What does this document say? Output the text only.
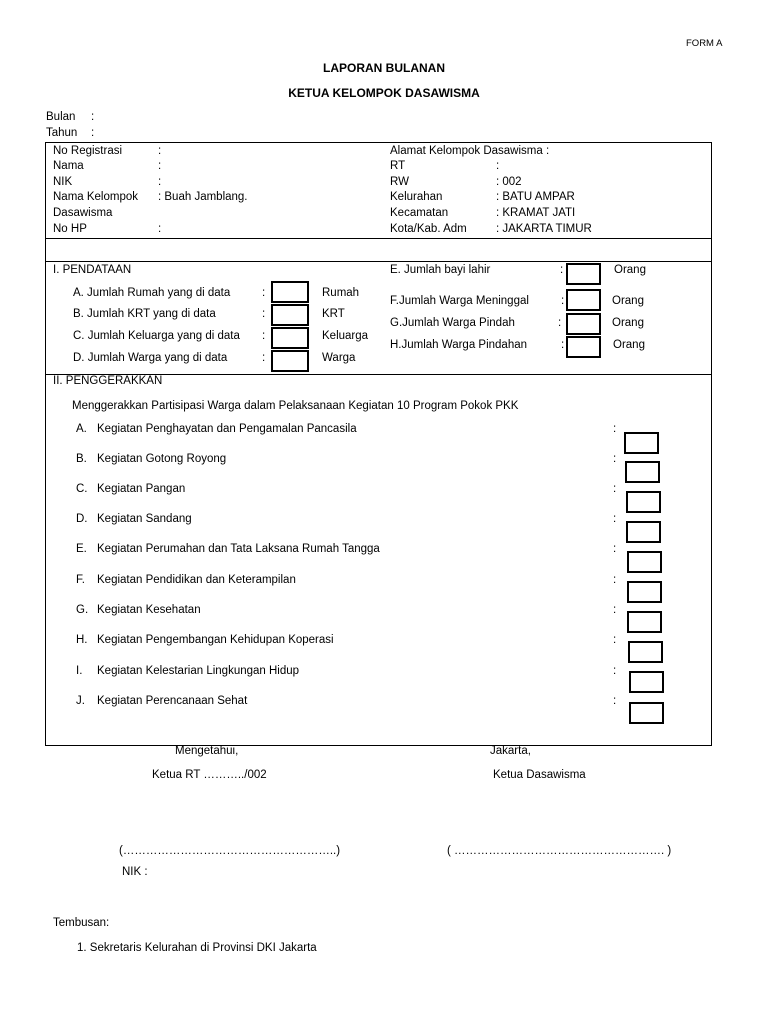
FORM A
LAPORAN BULANAN
KETUA KELOMPOK DASAWISMA
Bulan :
Tahun :
No Registrasi	:
Nama	:
NIK	:
Nama Kelompok : Buah Jamblang.
Dasawisma
No HP	:
Alamat Kelompok Dasawisma :
RT	:
RW	: 002
Kelurahan	: BATU AMPAR
Kecamatan	: KRAMAT JATI
Kota/Kab. Adm	: JAKARTA TIMUR
I. PENDATAAN
A. Jumlah Rumah yang di data	:	Rumah
B. Jumlah KRT yang di data	:	KRT
C. Jumlah Keluarga yang di data :	Keluarga
D. Jumlah Warga yang di data	:	Warga
E. Jumlah bayi lahir	:	Orang
F.Jumlah Warga Meninggal	:	Orang
G.Jumlah Warga Pindah	:	Orang
H.Jumlah Warga Pindahan	:	Orang
II. PENGGERAKKAN
Menggerakkan Partisipasi Warga dalam Pelaksanaan Kegiatan 10 Program Pokok PKK
A. Kegiatan Penghayatan dan Pengamalan Pancasila	:
B. Kegiatan Gotong Royong	:
C. Kegiatan Pangan	:
D. Kegiatan Sandang	:
E. Kegiatan Perumahan dan Tata Laksana Rumah Tangga	:
F. Kegiatan Pendidikan dan Keterampilan	:
G. Kegiatan Kesehatan	:
H. Kegiatan Pengembangan Kehidupan Koperasi	:
I. Kegiatan Kelestarian Lingkungan Hidup	:
J. Kegiatan Perencanaan Sehat	:
Mengetahui,
Ketua RT ………../002
Jakarta,
Ketua Dasawisma
(………………………………………………..)	( ………………………………………………. )
NIK :
Tembusan:
1. Sekretaris Kelurahan di Provinsi DKI Jakarta
